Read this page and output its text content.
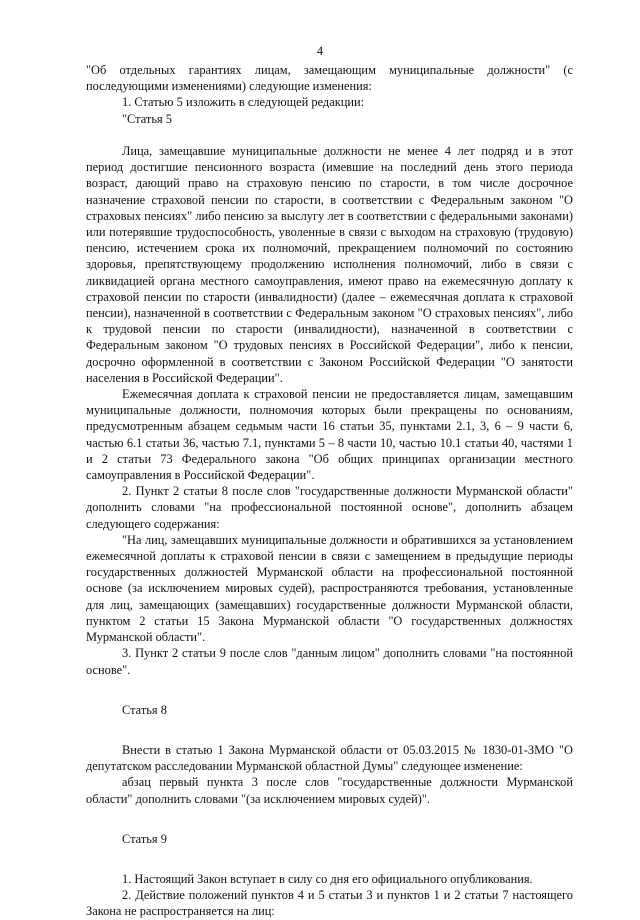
4

"Об отдельных гарантиях лицам, замещающим муниципальные должности" (с последующими изменениями) следующие изменения:

1. Статью 5 изложить в следующей редакции:

"Статья 5

Лица, замещавшие муниципальные должности не менее 4 лет подряд и в этот период достигшие пенсионного возраста (имевшие на последний день этого периода возраст, дающий право на страховую пенсию по старости, в том числе досрочное назначение страховой пенсии по старости, в соответствии с Федеральным законом "О страховых пенсиях" либо пенсию за выслугу лет в соответствии с федеральными законами) или потерявшие трудоспособность, уволенные в связи с выходом на страховую (трудовую) пенсию, истечением срока их полномочий, прекращением полномочий по состоянию здоровья, препятствующему продолжению исполнения полномочий, либо в связи с ликвидацией органа местного самоуправления, имеют право на ежемесячную доплату к страховой пенсии по старости (инвалидности) (далее – ежемесячная доплата к страховой пенсии), назначенной в соответствии с Федеральным законом "О страховых пенсиях", либо к трудовой пенсии по старости (инвалидности), назначенной в соответствии с Федеральным законом "О трудовых пенсиях в Российской Федерации", либо к пенсии, досрочно оформленной в соответствии с Законом Российской Федерации "О занятости населения в Российской Федерации".

Ежемесячная доплата к страховой пенсии не предоставляется лицам, замещавшим муниципальные должности, полномочия которых были прекращены по основаниям, предусмотренным абзацем седьмым части 16 статьи 35, пунктами 2.1, 3, 6 – 9 части 6, частью 6.1 статьи 36, частью 7.1, пунктами 5 – 8 части 10, частью 10.1 статьи 40, частями 1 и 2 статьи 73 Федерального закона "Об общих принципах организации местного самоуправления в Российской Федерации".

2. Пункт 2 статьи 8 после слов "государственные должности Мурманской области" дополнить словами "на профессиональной постоянной основе", дополнить абзацем следующего содержания:

"На лиц, замещавших муниципальные должности и обратившихся за установлением ежемесячной доплаты к страховой пенсии в связи с замещением в предыдущие периоды государственных должностей Мурманской области на профессиональной постоянной основе (за исключением мировых судей), распространяются требования, установленные для лиц, замещающих (замещавших) государственные должности Мурманской области, пунктом 2 статьи 15 Закона Мурманской области "О государственных должностях Мурманской области".

3. Пункт 2 статьи 9 после слов "данным лицом" дополнить словами "на постоянной основе".

Статья 8

Внести в статью 1 Закона Мурманской области от 05.03.2015 № 1830-01-ЗМО "О депутатском расследовании Мурманской областной Думы" следующее изменение:

абзац первый пункта 3 после слов "государственные должности Мурманской области" дополнить словами "(за исключением мировых судей)".

Статья 9

1. Настоящий Закон вступает в силу со дня его официального опубликования.

2. Действие положений пунктов 4 и 5 статьи 3 и пунктов 1 и 2 статьи 7 настоящего Закона не распространяется на лиц:
